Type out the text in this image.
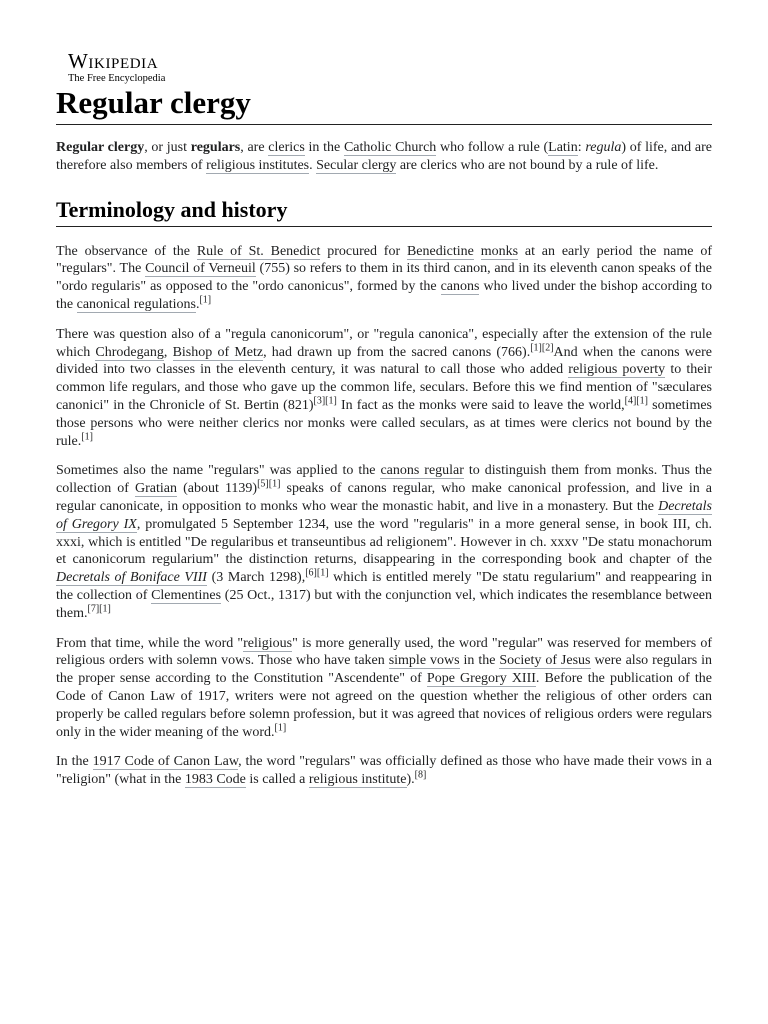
Wikipedia
The Free Encyclopedia
Regular clergy

Regular clergy, or just regulars, are clerics in the Catholic Church who follow a rule (Latin: regula) of life, and are therefore also members of religious institutes. Secular clergy are clerics who are not bound by a rule of life.

Terminology and history

The observance of the Rule of St. Benedict procured for Benedictine monks at an early period the name of "regulars". The Council of Verneuil (755) so refers to them in its third canon, and in its eleventh canon speaks of the "ordo regularis" as opposed to the "ordo canonicus", formed by the canons who lived under the bishop according to the canonical regulations.[1]

There was question also of a "regula canonicorum", or "regula canonica", especially after the extension of the rule which Chrodegang, Bishop of Metz, had drawn up from the sacred canons (766).[1][2]And when the canons were divided into two classes in the eleventh century, it was natural to call those who added religious poverty to their common life regulars, and those who gave up the common life, seculars. Before this we find mention of "sæculares canonici" in the Chronicle of St. Bertin (821)[3][1] In fact as the monks were said to leave the world,[4][1] sometimes those persons who were neither clerics nor monks were called seculars, as at times were clerics not bound by the rule.[1]

Sometimes also the name "regulars" was applied to the canons regular to distinguish them from monks. Thus the collection of Gratian (about 1139)[5][1] speaks of canons regular, who make canonical profession, and live in a regular canonicate, in opposition to monks who wear the monastic habit, and live in a monastery. But the Decretals of Gregory IX, promulgated 5 September 1234, use the word "regularis" in a more general sense, in book III, ch. xxxi, which is entitled "De regularibus et transeuntibus ad religionem". However in ch. xxxv "De statu monachorum et canonicorum regularium" the distinction returns, disappearing in the corresponding book and chapter of the Decretals of Boniface VIII (3 March 1298),[6][1] which is entitled merely "De statu regularium" and reappearing in the collection of Clementines (25 Oct., 1317) but with the conjunction vel, which indicates the resemblance between them.[7][1]

From that time, while the word "religious" is more generally used, the word "regular" was reserved for members of religious orders with solemn vows. Those who have taken simple vows in the Society of Jesus were also regulars in the proper sense according to the Constitution "Ascendente" of Pope Gregory XIII. Before the publication of the Code of Canon Law of 1917, writers were not agreed on the question whether the religious of other orders can properly be called regulars before solemn profession, but it was agreed that novices of religious orders were regulars only in the wider meaning of the word.[1]

In the 1917 Code of Canon Law, the word "regulars" was officially defined as those who have made their vows in a "religion" (what in the 1983 Code is called a religious institute).[8]
